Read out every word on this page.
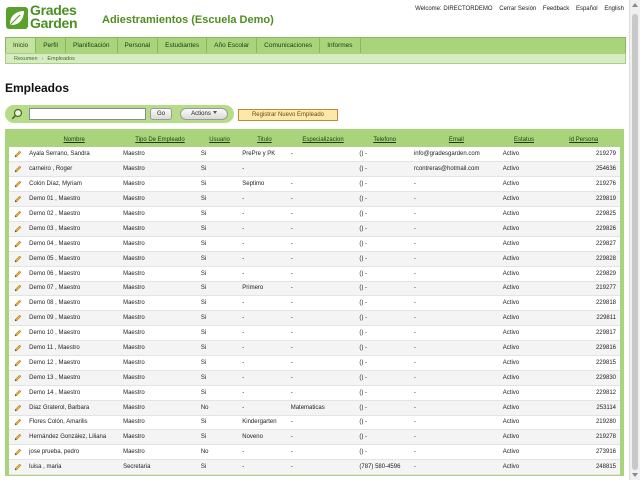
Grades
Garden Adiestramientos (Escuela Demo)
Welcome: DIRECTORDEMO Cerrar Sesión Feedback Español English
Inicio	Perfil	Planificación	Personal	Estudiantes	Año Escolar	Comunicaciones	Informes
Resumen › Empleados
Empleados
Go	Actions	Registrar Nuevo Empleado
	Nombre	Tipo De Empleado	Usuario	Titulo	Especializacion	Telefono	Email	Estatus	Id Persona
	Ayala Serrano, Sandra	Maestro	Si	PrePre y PK	-	() -	info@gradesgarden.com	Activo	219279
	carneiro , Roger	Maestro	Si	-		() -	rcontreras@hotmail.com	Activo	254636
	Colón Díaz, Myriam	Maestro	Si	Septimo	-	() -	-	Activo	219276
	Demo 01 , Maestro	Maestro	Si	-	-	() -	-	Activo	229819
	Demo 02 , Maestro	Maestro	Si	-	-	() -	-	Activo	229825
	Demo 03 , Maestro	Maestro	Si	-	-	() -	-	Activo	229826
	Demo 04 , Maestro	Maestro	Si	-	-	() -	-	Activo	229827
	Demo 05 , Maestro	Maestro	Si	-	-	() -	-	Activo	229828
	Demo 06 , Maestro	Maestro	Si	-	-	() -	-	Activo	229829
	Demo 07 , Maestro	Maestro	Si	Primero	-	() -	-	Activo	219277
	Demo 08 , Maestro	Maestro	Si	-	-	() -	-	Activo	229818
	Demo 09 , Maestro	Maestro	Si	-	-	() -	-	Activo	229811
	Demo 10 , Maestro	Maestro	Si	-	-	() -	-	Activo	229817
	Demo 11 , Maestro	Maestro	Si	-	-	() -	-	Activo	229816
	Demo 12 , Maestro	Maestro	Si	-	-	() -	-	Activo	229815
	Demo 13 , Maestro	Maestro	Si	-	-	() -	-	Activo	229830
	Demo 14 , Maestro	Maestro	Si	-	-	() -	-	Activo	229812
	Diaz Graterol, Barbara	Maestro	No	-	Matematicas	() -	-	Activo	253114
	Flores Colón, Amarilis	Maestro	Si	Kindergarten	-	() -	-	Activo	219280
	Hernández González, Liliana	Maestro	Si	Noveno	-	() -	-	Activo	219278
	jose prueba, pedro	Maestro	No	-	-	() -	-	Activo	273916
	luisa , maria	Secretaria	Si	-	-	(787) 580-4596	-	Activo	248815
